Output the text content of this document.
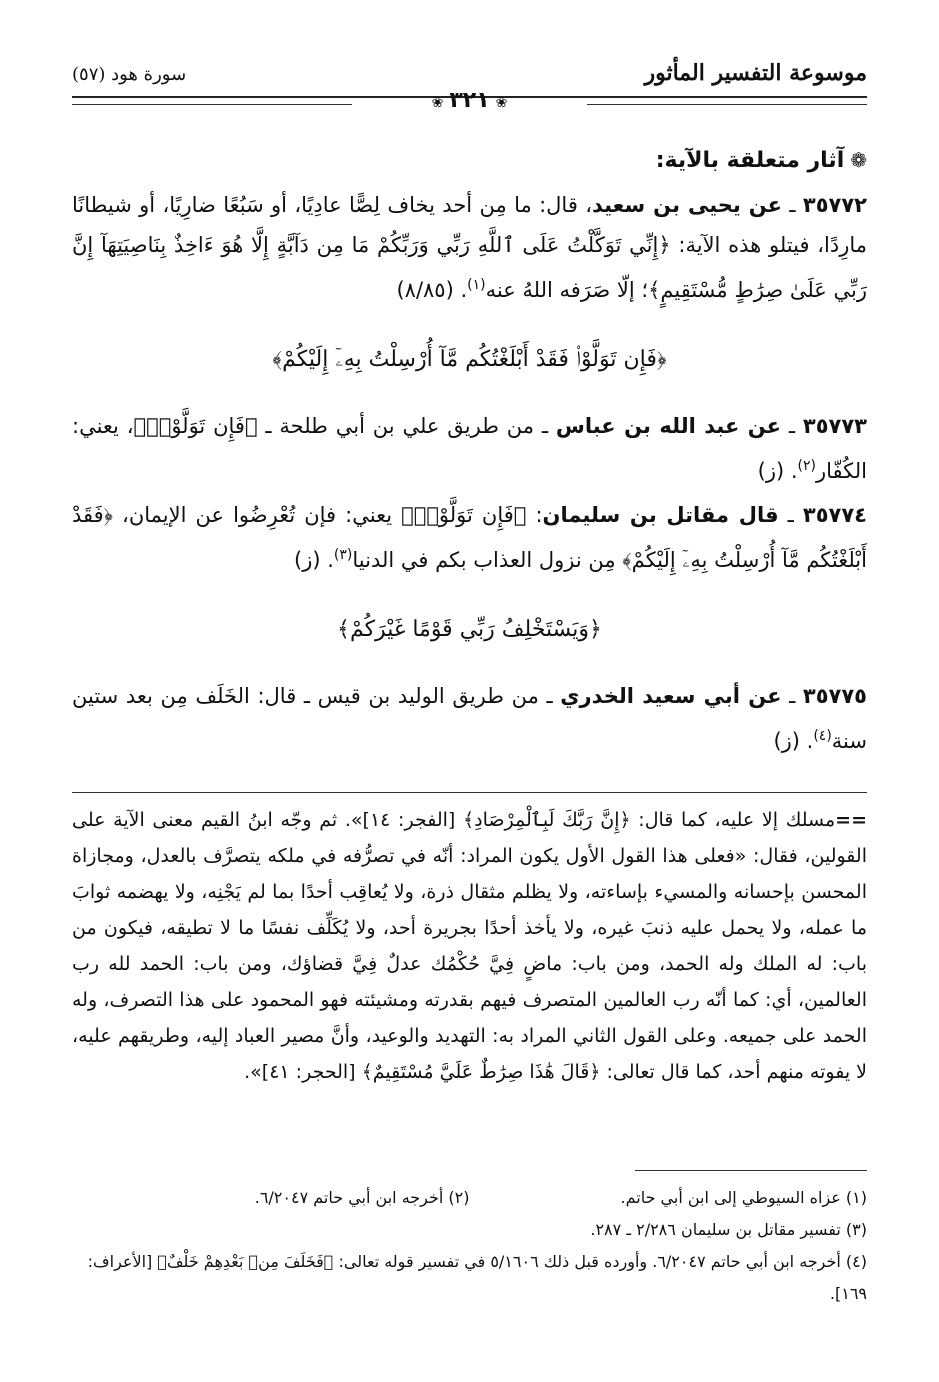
موسوعة التفسير المأثور
سورة هود (٥٧)
❀٣٢١❀
❁آثار متعلقة بالآية:

٣٥٧٧٢ ـ عن يحيى بن سعيد، قال: ما مِن أحد يخاف لِصًّا عادِيًا، أو سَبُعًا ضارِيًا، أو شيطانًا مارِدًا، فيتلو هذه الآية: ﴿إِنِّي تَوَكَّلْتُ عَلَى ٱللَّهِ رَبِّي وَرَبِّكُمْ مَا مِن دَآبَّةٍ إِلَّا هُوَ ءَاخِذٌ بِنَاصِيَتِهَآ إِنَّ رَبِّي عَلَىٰ صِرَٰطٍ مُّسْتَقِيمٍ﴾؛ إلّا صَرَفه اللهُ عنه$^{(١)}$. (٨/٨٥)

﴿فَإِن تَوَلَّوْا۟ فَقَدْ أَبْلَغْتُكُم مَّآ أُرْسِلْتُ بِهِۦٓ إِلَيْكُمْ﴾

٣٥٧٧٣ ـ عن عبد الله بن عباس ـ من طريق علي بن أبي طلحة ـ ﴿فَإِن تَوَلَّوْا۟﴾، يعني: الكُفّار$^{(٢)}$. (ز)

٣٥٧٧٤ ـ قال مقاتل بن سليمان: ﴿فَإِن تَوَلَّوْا۟﴾ يعني: فإن تُعْرِضُوا عن الإيمان، ﴿فَقَدْ أَبْلَغْتُكُم مَّآ أُرْسِلْتُ بِهِۦٓ إِلَيْكُمْ﴾ مِن نزول العذاب بكم في الدنيا$^{(٣)}$. (ز)

﴿وَيَسْتَخْلِفُ رَبِّي قَوْمًا غَيْرَكُمْ﴾

٣٥٧٧٥ ـ عن أبي سعيد الخدري ـ من طريق الوليد بن قيس ـ قال: الخَلَف مِن بعد ستين سنة$^{(٤)}$. (ز)

==مسلك إلا عليه، كما قال: ﴿إِنَّ رَبَّكَ لَبِٱلْمِرْصَادِ﴾ [الفجر: ١٤]». ثم وجّه ابنُ القيم معنى الآية على القولين، فقال: «فعلى هذا القول الأول يكون المراد: أنّه في تصرُّفه في ملكه يتصرَّف بالعدل، ومجازاة المحسن بإحسانه والمسيء بإساءته، ولا يظلم مثقال ذرة، ولا يُعاقِب أحدًا بما لم يَجْنِه، ولا يهضمه ثوابَ ما عمله، ولا يحمل عليه ذنبَ غيره، ولا يأخذ أحدًا بجريرة أحد، ولا يُكَلِّف نفسًا ما لا تطيقه، فيكون من باب: له الملك وله الحمد، ومن باب: ماضٍ فِيَّ حُكْمُك عدلٌ فِيَّ قضاؤك، ومن باب: الحمد لله رب العالمين، أي: كما أنّه رب العالمين المتصرف فيهم بقدرته ومشيئته فهو المحمود على هذا التصرف، وله الحمد على جميعه. وعلى القول الثاني المراد به: التهديد والوعيد، وأنَّ مصير العباد إليه، وطريقهم عليه، لا يفوته منهم أحد، كما قال تعالى: ﴿قَالَ هَٰذَا صِرَٰطٌ عَلَيَّ مُسْتَقِيمٌ﴾ [الحجر: ٤١]».
(١) عزاه السيوطي إلى ابن أبي حاتم.
(٢) أخرجه ابن أبي حاتم ٦/٢٠٤٧.
(٣) تفسير مقاتل بن سليمان ٢/٢٨٦ ـ ٢٨٧.
(٤) أخرجه ابن أبي حاتم ٦/٢٠٤٧. وأورده قبل ذلك ٥/١٦٠٦ في تفسير قوله تعالى: ﴿فَخَلَفَ مِنۢ بَعْدِهِمْ خَلْفٌ﴾ [الأعراف: ١٦٩].
